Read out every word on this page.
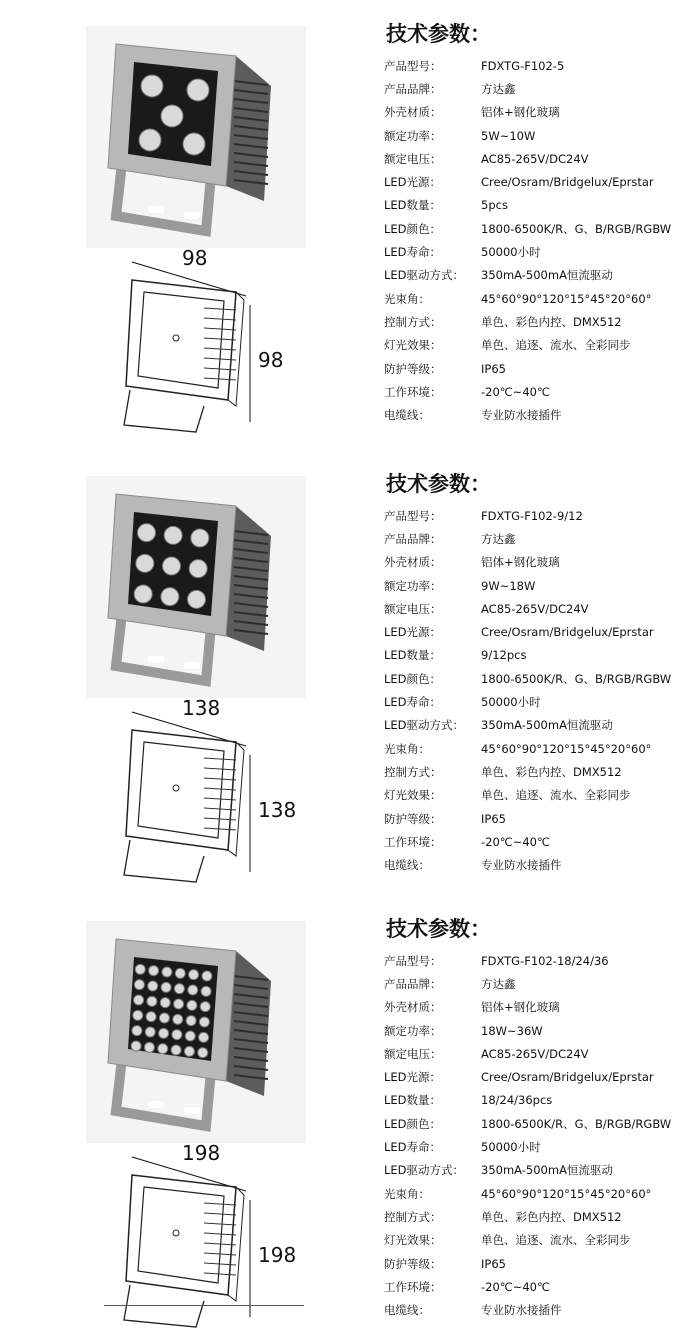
98
98
技术参数：
产品型号：	FDXTG-F102-5
产品品牌：	方达鑫
外壳材质：	铝体+钢化玻璃
额定功率：	5W~10W
额定电压：	AC85-265V/DC24V
LED光源：	Cree/Osram/Bridgelux/Eprstar
LED数量：	5pcs
LED颜色：	1800-6500K/R、G、B/RGB/RGBW
LED寿命：	50000小时
LED驱动方式：	350mA-500mA恒流驱动
光束角：	45°60°90°120°15°45°20°60°
控制方式：	单色、彩色内控、DMX512
灯光效果：	单色、追逐、流水、全彩同步
防护等级：	IP65
工作环境：	-20℃~40℃
电缆线：	专业防水接插件
138
138
技术参数：
产品型号：	FDXTG-F102-9/12
产品品牌：	方达鑫
外壳材质：	铝体+钢化玻璃
额定功率：	9W~18W
额定电压：	AC85-265V/DC24V
LED光源：	Cree/Osram/Bridgelux/Eprstar
LED数量：	9/12pcs
LED颜色：	1800-6500K/R、G、B/RGB/RGBW
LED寿命：	50000小时
LED驱动方式：	350mA-500mA恒流驱动
光束角：	45°60°90°120°15°45°20°60°
控制方式：	单色、彩色内控、DMX512
灯光效果：	单色、追逐、流水、全彩同步
防护等级：	IP65
工作环境：	-20℃~40℃
电缆线：	专业防水接插件
198
198
技术参数：
产品型号：	FDXTG-F102-18/24/36
产品品牌：	方达鑫
外壳材质：	铝体+钢化玻璃
额定功率：	18W~36W
额定电压：	AC85-265V/DC24V
LED光源：	Cree/Osram/Bridgelux/Eprstar
LED数量：	18/24/36pcs
LED颜色：	1800-6500K/R、G、B/RGB/RGBW
LED寿命：	50000小时
LED驱动方式：	350mA-500mA恒流驱动
光束角：	45°60°90°120°15°45°20°60°
控制方式：	单色、彩色内控、DMX512
灯光效果：	单色、追逐、流水、全彩同步
防护等级：	IP65
工作环境：	-20℃~40℃
电缆线：	专业防水接插件
